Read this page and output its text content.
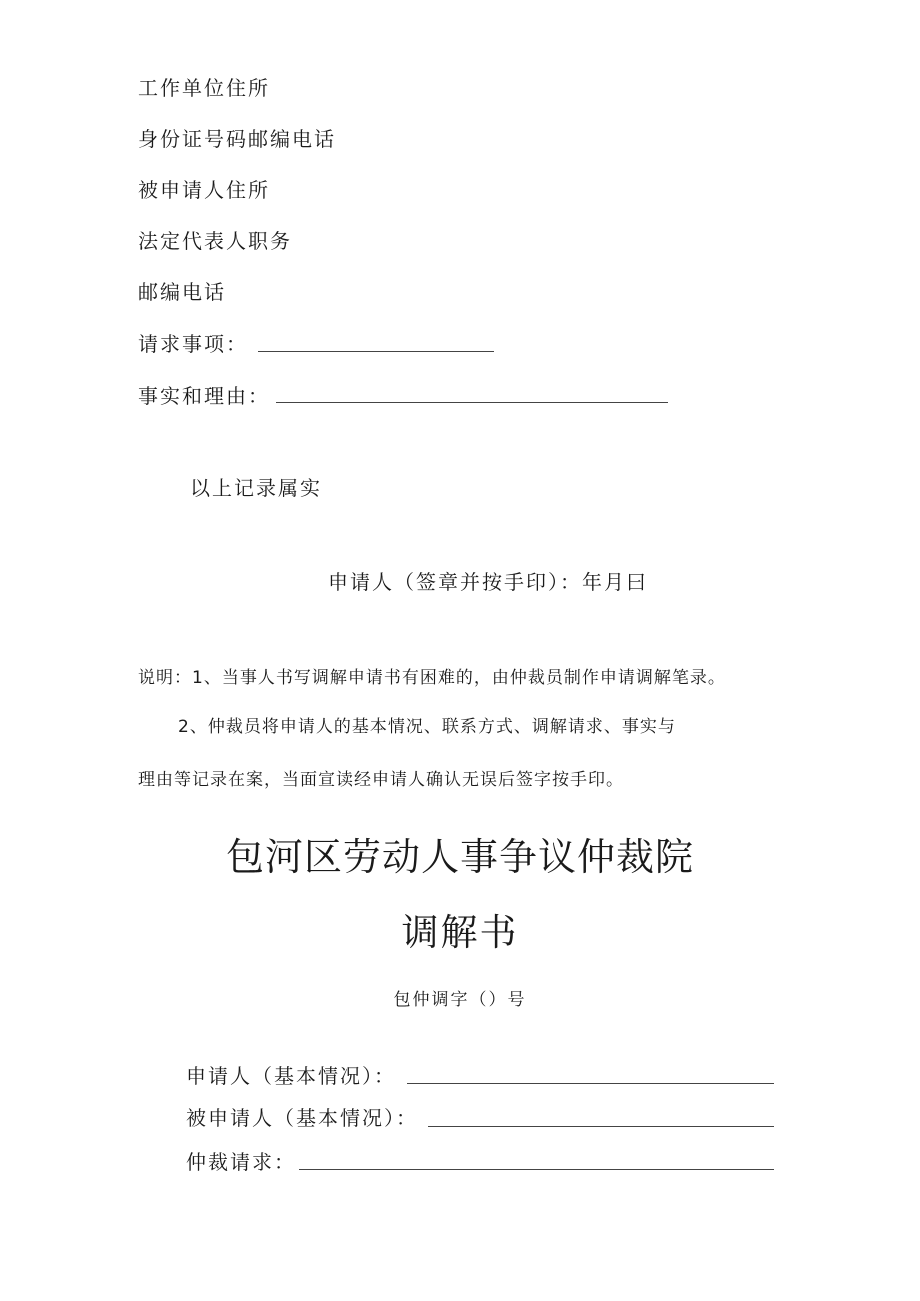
工作单位住所
身份证号码邮编电话
被申请人住所
法定代表人职务
邮编电话
请求事项：
事实和理由：
以上记录属实
申请人（签章并按手印）：年月曰
说明：1、当事人书写调解申请书有困难的，由仲裁员制作申请调解笔录。
2、仲裁员将申请人的基本情况、联系方式、调解请求、事实与
理由等记录在案，当面宣读经申请人确认无误后签字按手印。
包河区劳动人事争议仲裁院
调解书
包仲调字（）号
申请人（基本情况）：
被申请人（基本情况）：
仲裁请求：
